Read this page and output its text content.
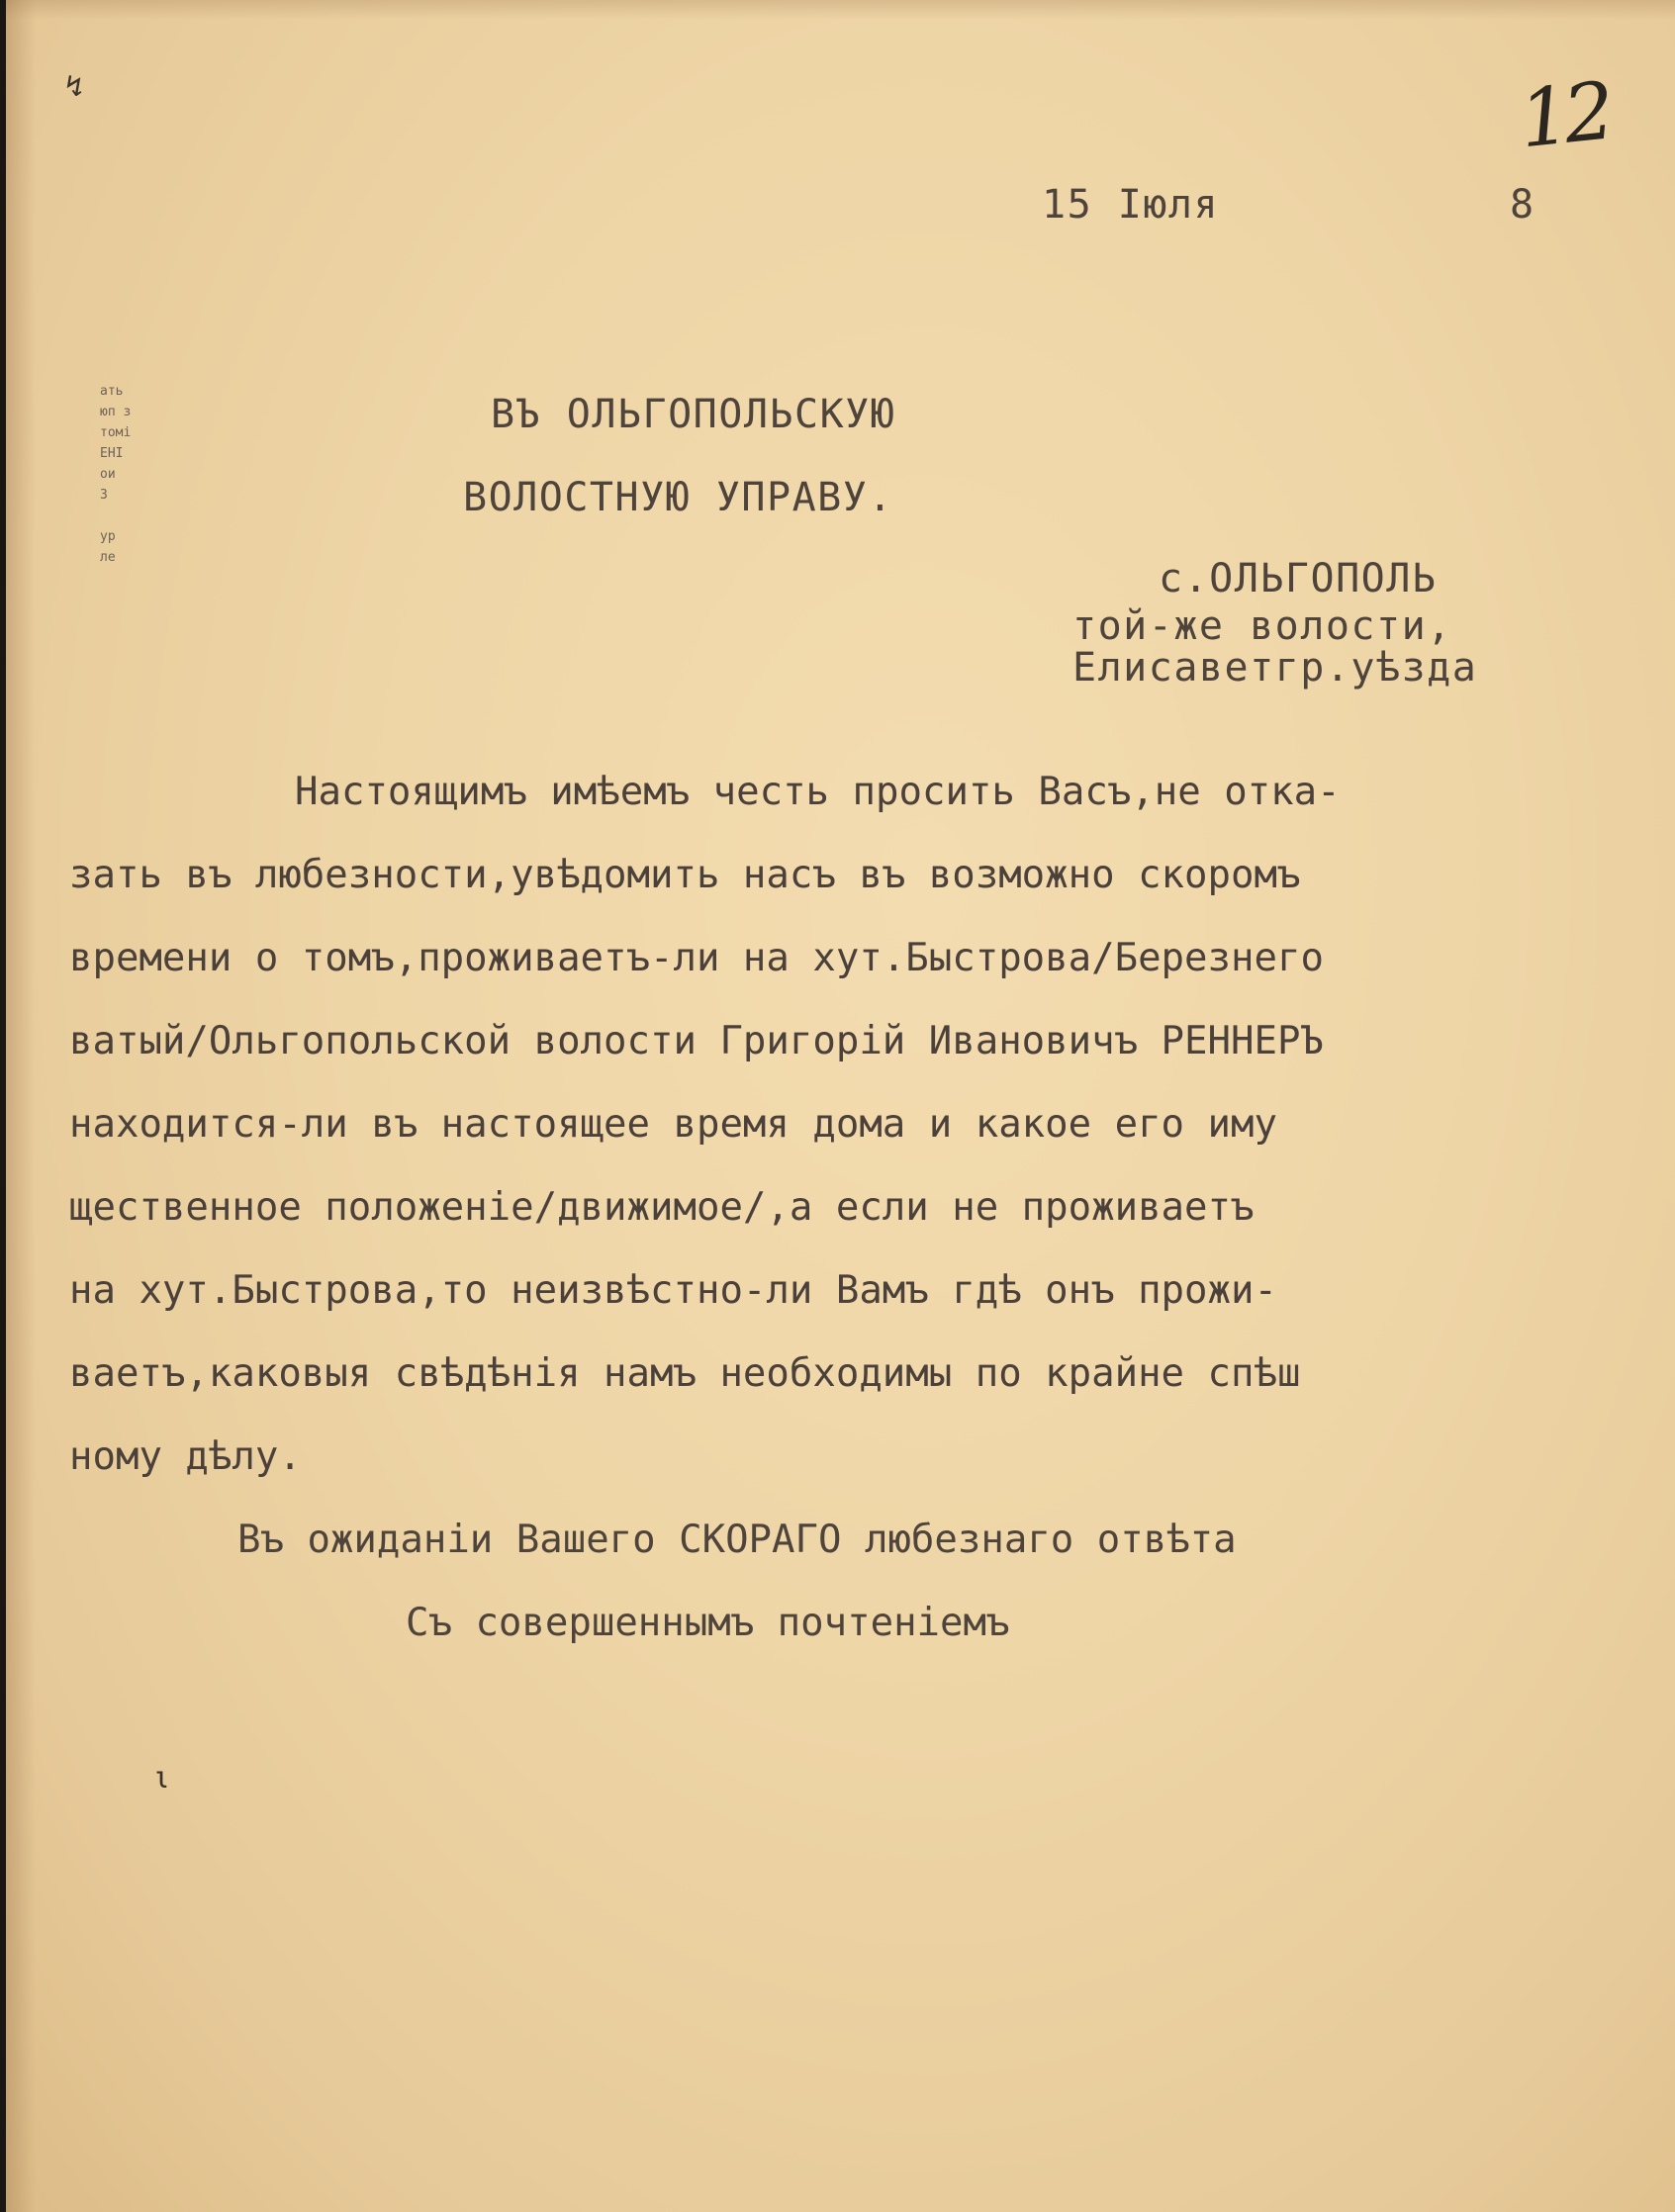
↯	12
15 Іюля	8
ать
юп з
томі
ЕНІ
ои
3

ур
ле
ВЪ ОЛЬГОПОЛЬСКУЮ
ВОЛОСТНУЮ УПРАВУ.
с.ОЛЬГОПОЛЬ
той-же волости,
Елисаветгр.уѣзда
Настоящимъ имѣемъ честь просить Васъ,не отка-
зать въ любезности,увѣдомить насъ въ возможно скоромъ
времени о томъ,проживаетъ-ли на хут.Быстрова/Березнего
ватый/Ольгопольской волости Григорій Ивановичъ РЕННЕРЪ
находится-ли въ настоящее время дома и какое его иму
щественное положеніе/движимое/,а если не проживаетъ
на хут.Быстрова,то неизвѣстно-ли Вамъ гдѣ онъ прожи-
ваетъ,каковыя свѣдѣнія намъ необходимы по крайне спѣш
ному дѣлу.
Въ ожиданіи Вашего СКОРАГО любезнаго отвѣта
Съ совершеннымъ почтеніемъ
ι
